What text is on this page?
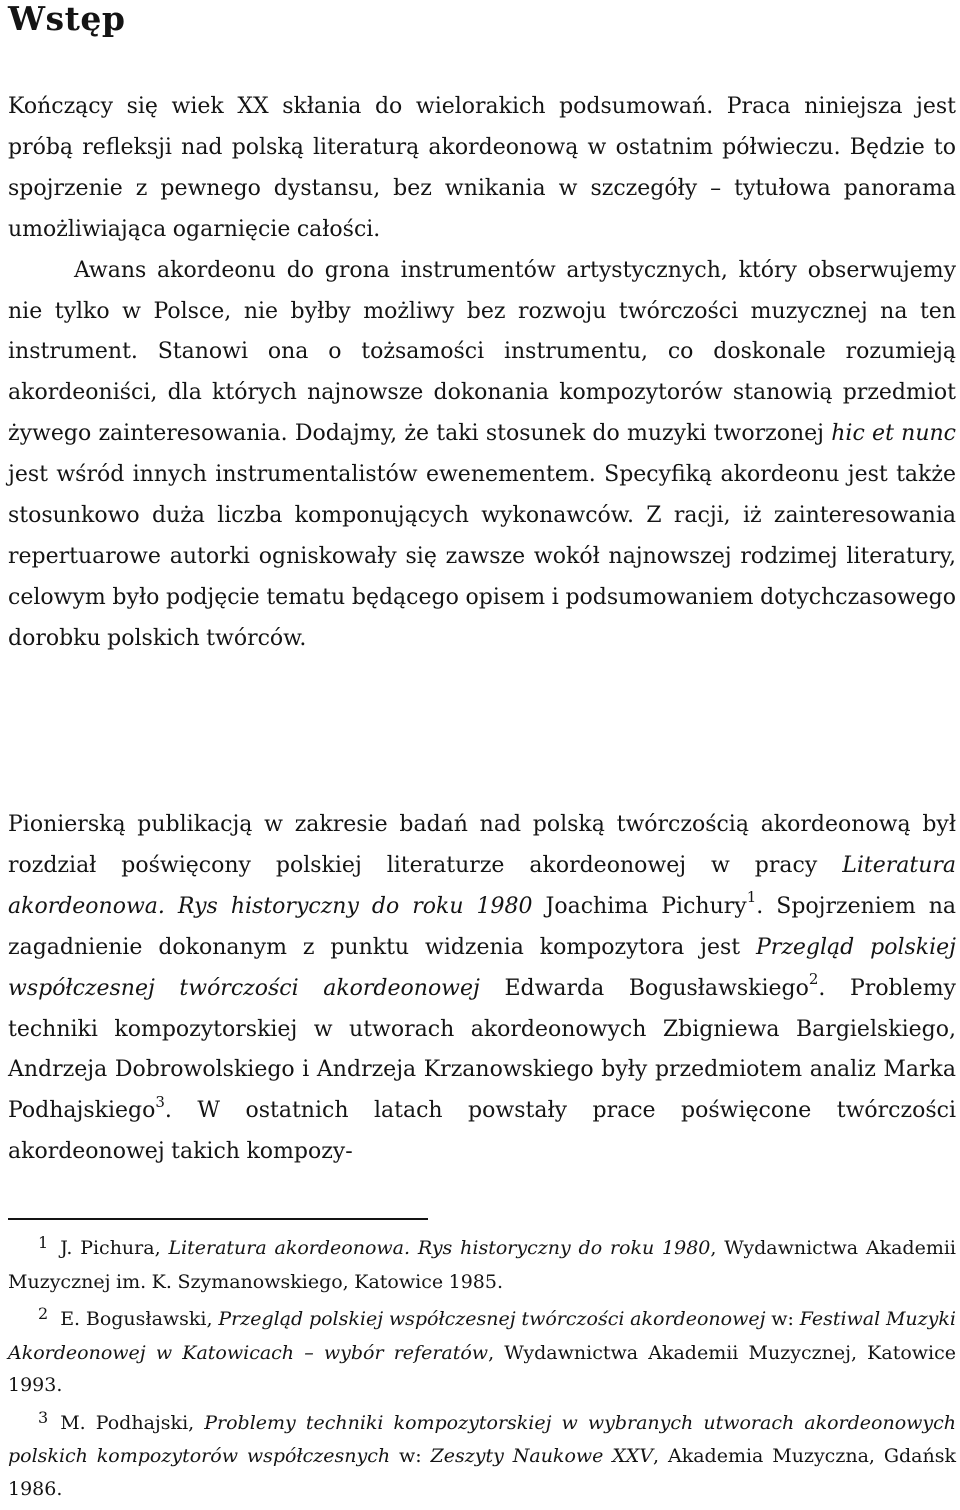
Wstęp

Kończący się wiek XX skłania do wielorakich podsumowań. Praca niniejsza jest próbą refleksji nad polską literaturą akordeonową w ostatnim półwieczu. Będzie to spojrzenie z pewnego dystansu, bez wnikania w szczegóły – tytułowa panorama umożliwiająca ogarnięcie całości.

Awans akordeonu do grona instrumentów artystycznych, który obserwujemy nie tylko w Polsce, nie byłby możliwy bez rozwoju twórczości muzycznej na ten instrument. Stanowi ona o tożsamości instrumentu, co doskonale rozumieją akordeoniści, dla których najnowsze dokonania kompozytorów stanowią przedmiot żywego zainteresowania. Dodajmy, że taki stosunek do muzyki tworzonej hic et nunc jest wśród innych instrumentalistów ewenementem. Specyfiką akordeonu jest także stosunkowo duża liczba komponujących wykonawców. Z racji, iż zainteresowania repertuarowe autorki ogniskowały się zawsze wokół najnowszej rodzimej literatury, celowym było podjęcie tematu będącego opisem i podsumowaniem dotychczasowego dorobku polskich twórców.

Pionierską publikacją w zakresie badań nad polską twórczością akordeonową był rozdział poświęcony polskiej literaturze akordeonowej w pracy Literatura akordeonowa. Rys historyczny do roku 1980 Joachima Pichury$^1$. Spojrzeniem na zagadnienie dokonanym z punktu widzenia kompozytora jest Przegląd polskiej współczesnej twórczości akordeonowej Edwarda Bogusławskiego$^2$. Problemy techniki kompozytorskiej w utworach akordeonowych Zbigniewa Bargielskiego, Andrzeja Dobrowolskiego i Andrzeja Krzanowskiego były przedmiotem analiz Marka Podhajskiego$^3$. W ostatnich latach powstały prace poświęcone twórczości akordeonowej takich kompozy-

1 J. Pichura, Literatura akordeonowa. Rys historyczny do roku 1980, Wydawnictwa Akademii Muzycznej im. K. Szymanowskiego, Katowice 1985.

2 E. Bogusławski, Przegląd polskiej współczesnej twórczości akordeonowej w: Festiwal Muzyki Akordeonowej w Katowicach – wybór referatów, Wydawnictwa Akademii Muzycznej, Katowice 1993.

3 M. Podhajski, Problemy techniki kompozytorskiej w wybranych utworach akordeonowych polskich kompozytorów współczesnych w: Zeszyty Naukowe XXV, Akademia Muzyczna, Gdańsk 1986.
